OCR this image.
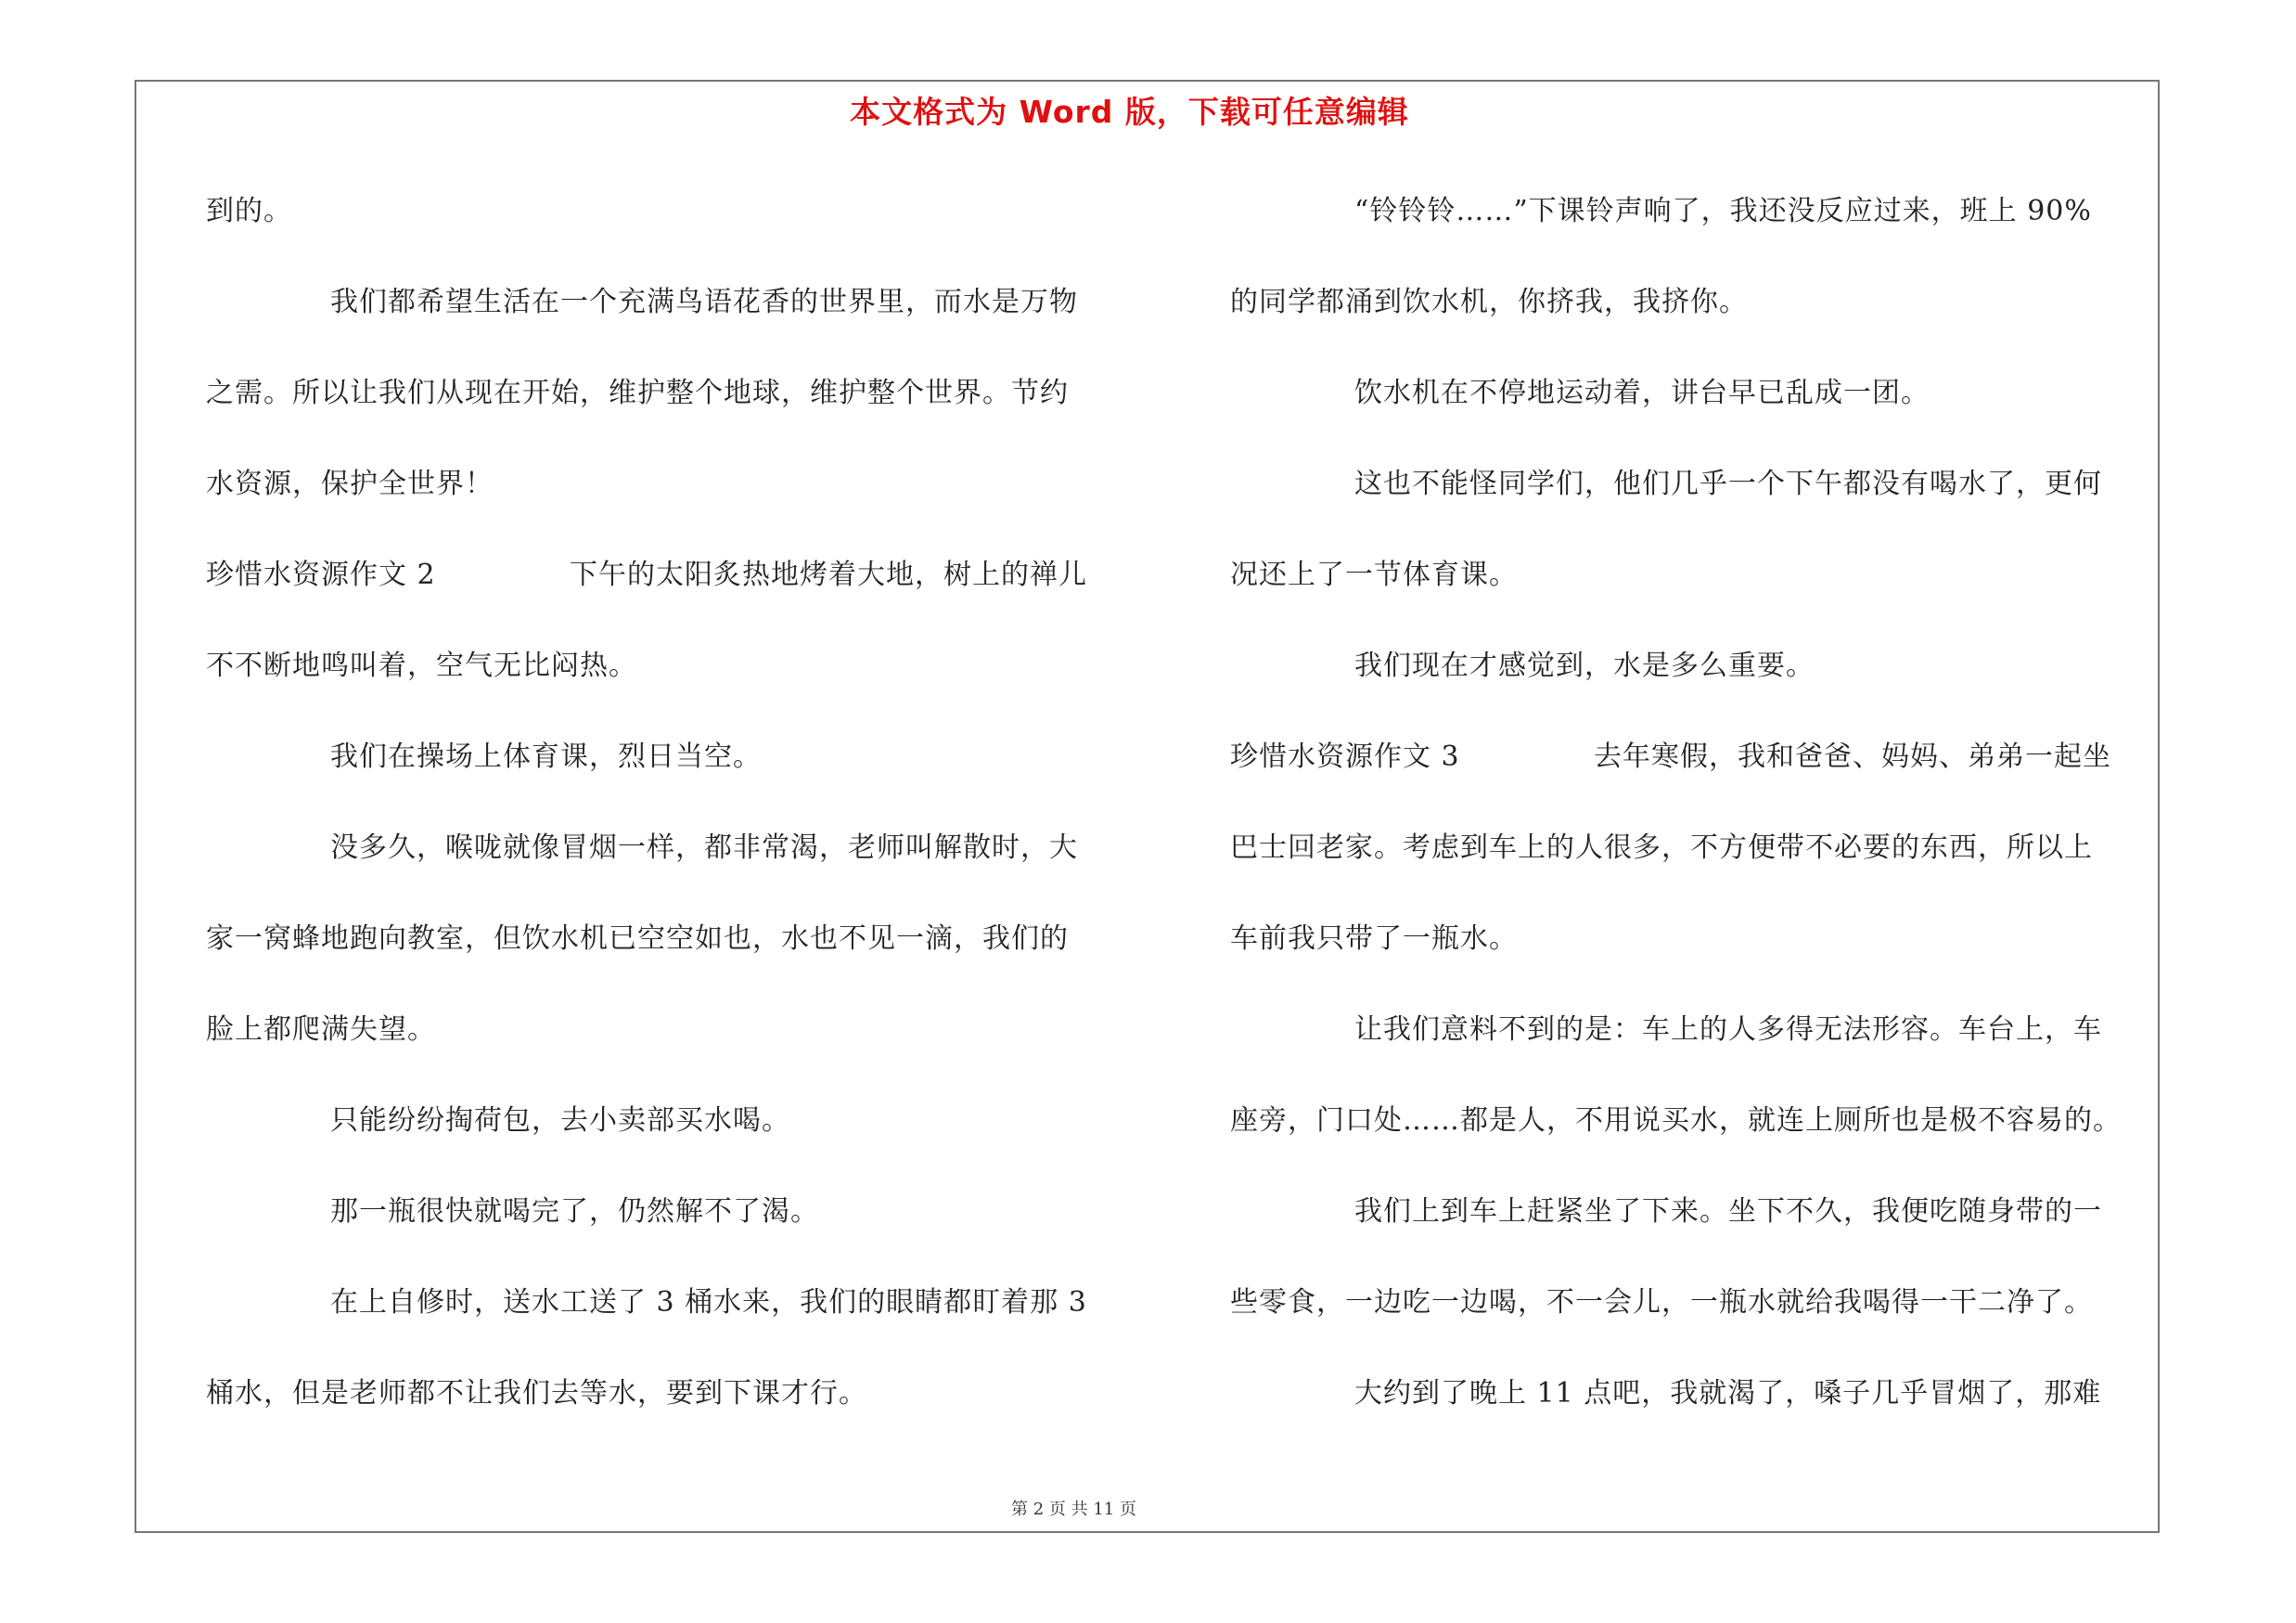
本文格式为 Word 版，下载可任意编辑
到的。
我们都希望生活在一个充满鸟语花香的世界里，而水是万物
之需。所以让我们从现在开始，维护整个地球，维护整个世界。节约
水资源，保护全世界！
珍惜水资源作文 2	下午的太阳炙热地烤着大地，树上的禅儿
不不断地鸣叫着，空气无比闷热。
我们在操场上体育课，烈日当空。
没多久，喉咙就像冒烟一样，都非常渴，老师叫解散时，大
家一窝蜂地跑向教室，但饮水机已空空如也，水也不见一滴，我们的
脸上都爬满失望。
只能纷纷掏荷包，去小卖部买水喝。
那一瓶很快就喝完了，仍然解不了渴。
在上自修时，送水工送了 3 桶水来，我们的眼睛都盯着那 3
桶水，但是老师都不让我们去等水，要到下课才行。
“铃铃铃……”下课铃声响了，我还没反应过来，班上 90%
的同学都涌到饮水机，你挤我，我挤你。
饮水机在不停地运动着，讲台早已乱成一团。
这也不能怪同学们，他们几乎一个下午都没有喝水了，更何
况还上了一节体育课。
我们现在才感觉到，水是多么重要。
珍惜水资源作文 3	去年寒假，我和爸爸、妈妈、弟弟一起坐
巴士回老家。考虑到车上的人很多，不方便带不必要的东西，所以上
车前我只带了一瓶水。
让我们意料不到的是：车上的人多得无法形容。车台上，车
座旁，门口处……都是人，不用说买水，就连上厕所也是极不容易的。
我们上到车上赶紧坐了下来。坐下不久，我便吃随身带的一
些零食，一边吃一边喝，不一会儿，一瓶水就给我喝得一干二净了。
大约到了晚上 11 点吧，我就渴了，嗓子几乎冒烟了，那难
第 2 页 共 11 页
